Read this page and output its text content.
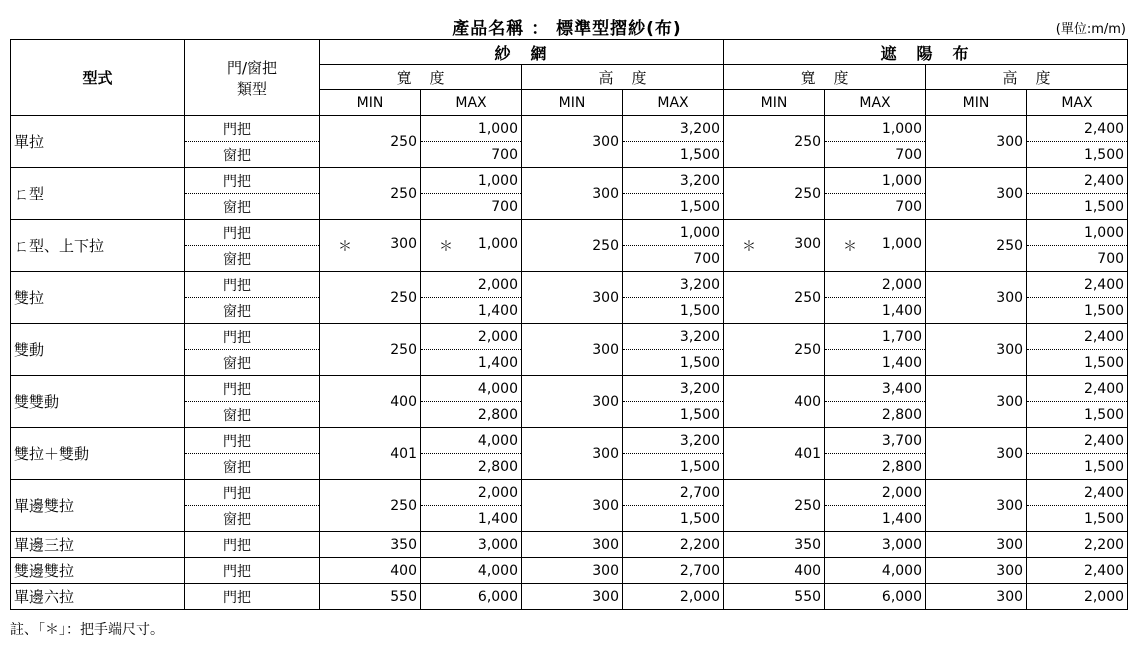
產品名稱 ： 標準型摺紗(布)	(單位:m/m)
型式	門/窗把
類型	紗　網				遮　陽　布			
		寬度		高度		寬度		高度	
		MIN	MAX	MIN	MAX	MIN	MAX	MIN	MAX
單拉	門把	250	1,000	300	3,200	250	1,000	300	2,400
	窗把		700		1,500		700		1,500
ㄈ型	門把	250	1,000	300	3,200	250	1,000	300	2,400
	窗把		700		1,500		700		1,500
ㄈ型、上下拉	門把	＊ 300	＊ 1,000	250	1,000	＊ 300	＊ 1,000	250	1,000
	窗把				700				700
雙拉	門把	250	2,000	300	3,200	250	2,000	300	2,400
	窗把		1,400		1,500		1,400		1,500
雙動	門把	250	2,000	300	3,200	250	1,700	300	2,400
	窗把		1,400		1,500		1,400		1,500
雙雙動	門把	400	4,000	300	3,200	400	3,400	300	2,400
	窗把		2,800		1,500		2,800		1,500
雙拉＋雙動	門把	401	4,000	300	3,200	401	3,700	300	2,400
	窗把		2,800		1,500		2,800		1,500
單邊雙拉	門把	250	2,000	300	2,700	250	2,000	300	2,400
	窗把		1,400		1,500		1,400		1,500
單邊三拉	門把	350	3,000	300	2,200	350	3,000	300	2,200
雙邊雙拉	門把	400	4,000	300	2,700	400	4,000	300	2,400
單邊六拉	門把	550	6,000	300	2,000	550	6,000	300	2,000
註、「＊」：把手端尺寸。
